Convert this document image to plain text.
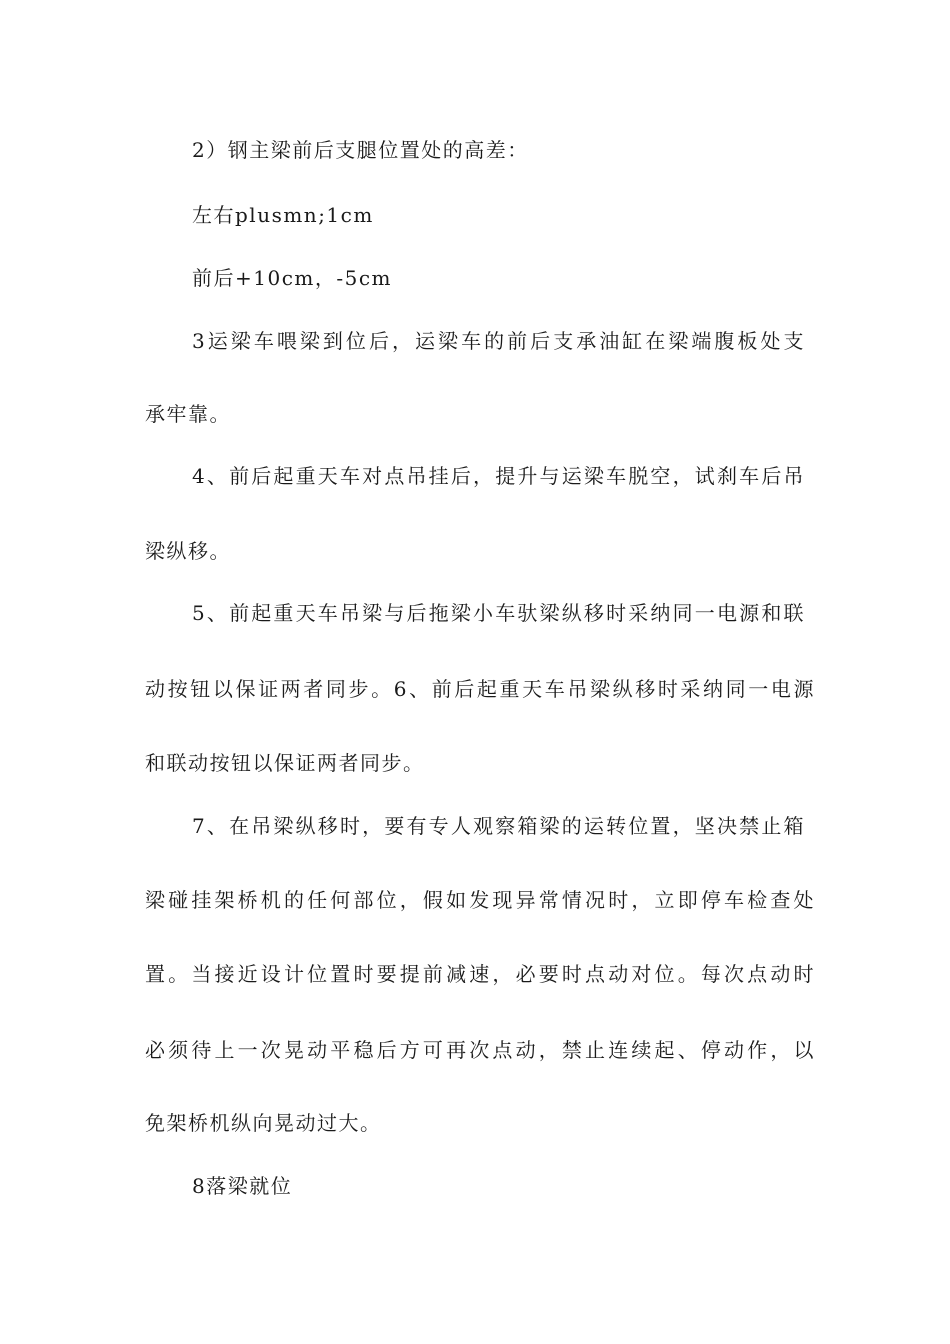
2）钢主梁前后支腿位置处的高差：
左右plusmn;1cm
前后+10cm，-5cm
3运梁车喂梁到位后，运梁车的前后支承油缸在梁端腹板处支
承牢靠。
4、前后起重天车对点吊挂后，提升与运梁车脱空，试刹车后吊
梁纵移。
5、前起重天车吊梁与后拖梁小车驮梁纵移时采纳同一电源和联
动按钮以保证两者同步。6、前后起重天车吊梁纵移时采纳同一电源
和联动按钮以保证两者同步。
7、在吊梁纵移时，要有专人观察箱梁的运转位置，坚决禁止箱
梁碰挂架桥机的任何部位，假如发现异常情况时，立即停车检查处
置。当接近设计位置时要提前减速，必要时点动对位。每次点动时
必须待上一次晃动平稳后方可再次点动，禁止连续起、停动作，以
免架桥机纵向晃动过大。
8落梁就位
